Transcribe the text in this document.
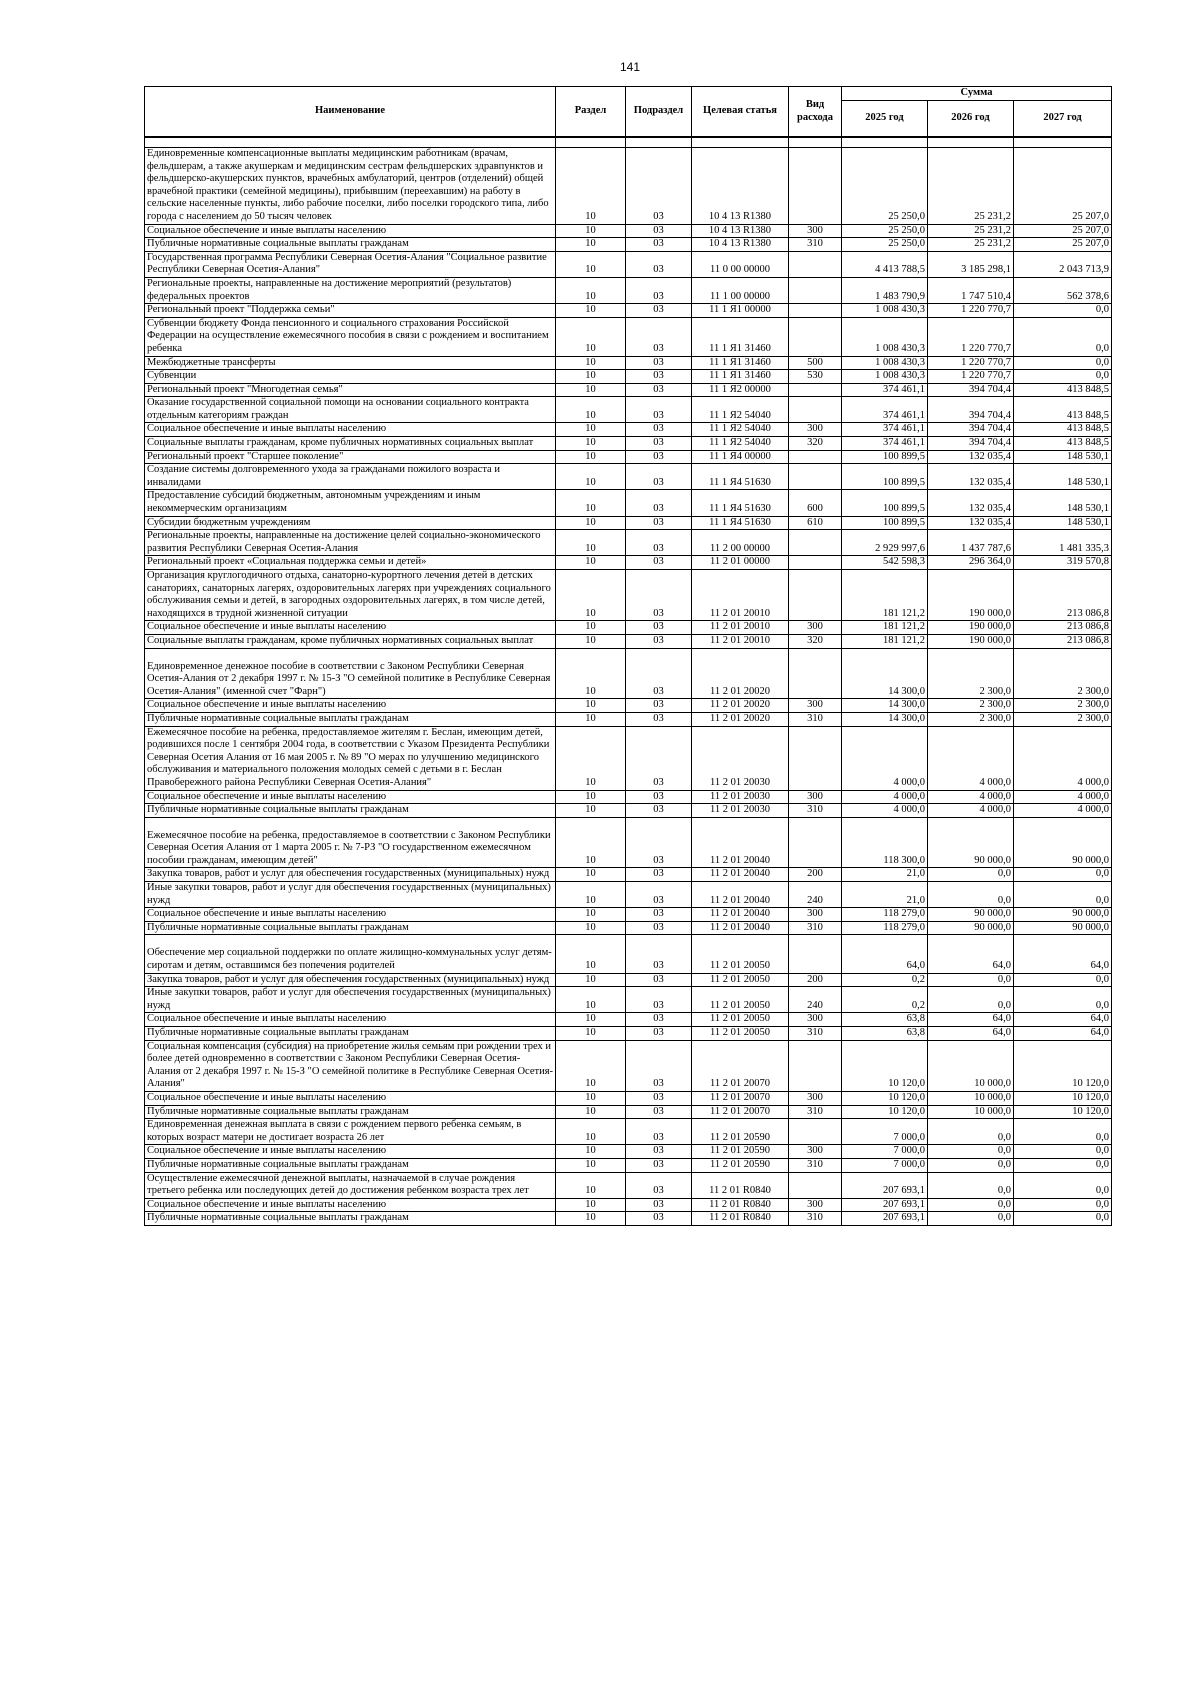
141
Наименование	Раздел	Подраздел	Целевая статья	Вид расхода	Сумма		
					2025 год	2026 год	2027 год

Единовременные компенсационные выплаты медицинским работникам (врачам, фельдшерам, а также акушеркам и медицинским сестрам фельдшерских здравпунктов и фельдшерско-акушерских пунктов, врачебных амбулаторий, центров (отделений) общей врачебной практики (семейной медицины), прибывшим (переехавшим) на работу в сельские населенные пункты, либо рабочие поселки, либо поселки городского типа, либо города с населением до 50 тысяч человек	10	03	10 4 13 R1380		25 250,0	25 231,2	25 207,0
Социальное обеспечение и иные выплаты населению	10	03	10 4 13 R1380	300	25 250,0	25 231,2	25 207,0
Публичные нормативные социальные выплаты гражданам	10	03	10 4 13 R1380	310	25 250,0	25 231,2	25 207,0
Государственная программа Республики Северная Осетия-Алания "Социальное развитие Республики Северная Осетия-Алания"	10	03	11 0 00 00000		4 413 788,5	3 185 298,1	2 043 713,9
Региональные проекты, направленные на достижение мероприятий (результатов) федеральных проектов	10	03	11 1 00 00000		1 483 790,9	1 747 510,4	562 378,6
Региональный проект "Поддержка семьи"	10	03	11 1 Я1 00000		1 008 430,3	1 220 770,7	0,0
Субвенции бюджету Фонда пенсионного и социального страхования Российской Федерации на осуществление ежемесячного пособия в связи с рождением и воспитанием ребенка	10	03	11 1 Я1 31460		1 008 430,3	1 220 770,7	0,0
Межбюджетные трансферты	10	03	11 1 Я1 31460	500	1 008 430,3	1 220 770,7	0,0
Субвенции	10	03	11 1 Я1 31460	530	1 008 430,3	1 220 770,7	0,0
Региональный проект "Многодетная семья"	10	03	11 1 Я2 00000		374 461,1	394 704,4	413 848,5
Оказание государственной социальной помощи на основании социального контракта отдельным категориям граждан	10	03	11 1 Я2 54040		374 461,1	394 704,4	413 848,5
Социальное обеспечение и иные выплаты населению	10	03	11 1 Я2 54040	300	374 461,1	394 704,4	413 848,5
Социальные выплаты гражданам, кроме публичных нормативных социальных выплат	10	03	11 1 Я2 54040	320	374 461,1	394 704,4	413 848,5
Региональный проект "Старшее поколение"	10	03	11 1 Я4 00000		100 899,5	132 035,4	148 530,1
Создание системы долговременного ухода за гражданами пожилого возраста и инвалидами	10	03	11 1 Я4 51630		100 899,5	132 035,4	148 530,1
Предоставление субсидий бюджетным, автономным учреждениям и иным некоммерческим организациям	10	03	11 1 Я4 51630	600	100 899,5	132 035,4	148 530,1
Субсидии бюджетным учреждениям	10	03	11 1 Я4 51630	610	100 899,5	132 035,4	148 530,1
Региональные проекты, направленные на достижение целей социально-экономического развития Республики Северная Осетия-Алания	10	03	11 2 00 00000		2 929 997,6	1 437 787,6	1 481 335,3
Региональный проект «Социальная поддержка семьи и детей»	10	03	11 2 01 00000		542 598,3	296 364,0	319 570,8
Организация круглогодичного отдыха, санаторно-курортного лечения детей в детских санаториях, санаторных лагерях, оздоровительных лагерях при учреждениях социального обслуживания семьи и детей, в загородных оздоровительных лагерях, в том числе детей, находящихся в трудной жизненной ситуации	10	03	11 2 01 20010		181 121,2	190 000,0	213 086,8
Социальное обеспечение и иные выплаты населению	10	03	11 2 01 20010	300	181 121,2	190 000,0	213 086,8
Социальные выплаты гражданам, кроме публичных нормативных социальных выплат	10	03	11 2 01 20010	320	181 121,2	190 000,0	213 086,8
Единовременное денежное пособие в соответствии с Законом Республики Северная Осетия-Алания от 2 декабря 1997 г. № 15-З "О семейной политике в Республике Северная Осетия-Алания" (именной счет "Фарн")	10	03	11 2 01 20020		14 300,0	2 300,0	2 300,0
Социальное обеспечение и иные выплаты населению	10	03	11 2 01 20020	300	14 300,0	2 300,0	2 300,0
Публичные нормативные социальные выплаты гражданам	10	03	11 2 01 20020	310	14 300,0	2 300,0	2 300,0
Ежемесячное пособие на ребенка, предоставляемое жителям г. Беслан, имеющим детей, родившихся после 1 сентября 2004 года, в соответствии с Указом Президента Республики Северная Осетия Алания от 16 мая 2005 г. № 89 "О мерах по улучшению медицинского обслуживания и материального положения молодых семей с детьми в г. Беслан Правобережного района Республики Северная Осетия-Алания"	10	03	11 2 01 20030		4 000,0	4 000,0	4 000,0
Социальное обеспечение и иные выплаты населению	10	03	11 2 01 20030	300	4 000,0	4 000,0	4 000,0
Публичные нормативные социальные выплаты гражданам	10	03	11 2 01 20030	310	4 000,0	4 000,0	4 000,0
Ежемесячное пособие на ребенка, предоставляемое в соответствии с Законом Республики Северная Осетия Алания от 1 марта 2005 г. № 7-РЗ "О государственном ежемесячном пособии гражданам, имеющим детей"	10	03	11 2 01 20040		118 300,0	90 000,0	90 000,0
Закупка товаров, работ и услуг для обеспечения государственных (муниципальных) нужд	10	03	11 2 01 20040	200	21,0	0,0	0,0
Иные закупки товаров, работ и услуг для обеспечения государственных (муниципальных) нужд	10	03	11 2 01 20040	240	21,0	0,0	0,0
Социальное обеспечение и иные выплаты населению	10	03	11 2 01 20040	300	118 279,0	90 000,0	90 000,0
Публичные нормативные социальные выплаты гражданам	10	03	11 2 01 20040	310	118 279,0	90 000,0	90 000,0
Обеспечение мер социальной поддержки по оплате жилищно-коммунальных услуг детям-сиротам и детям, оставшимся без попечения родителей	10	03	11 2 01 20050		64,0	64,0	64,0
Закупка товаров, работ и услуг для обеспечения государственных (муниципальных) нужд	10	03	11 2 01 20050	200	0,2	0,0	0,0
Иные закупки товаров, работ и услуг для обеспечения государственных (муниципальных) нужд	10	03	11 2 01 20050	240	0,2	0,0	0,0
Социальное обеспечение и иные выплаты населению	10	03	11 2 01 20050	300	63,8	64,0	64,0
Публичные нормативные социальные выплаты гражданам	10	03	11 2 01 20050	310	63,8	64,0	64,0
Социальная компенсация (субсидия) на приобретение жилья семьям при рождении трех и более детей одновременно в соответствии с Законом Республики Северная Осетия-Алания от 2 декабря 1997 г. № 15-З "О семейной политике в Республике Северная Осетия-Алания"	10	03	11 2 01 20070		10 120,0	10 000,0	10 120,0
Социальное обеспечение и иные выплаты населению	10	03	11 2 01 20070	300	10 120,0	10 000,0	10 120,0
Публичные нормативные социальные выплаты гражданам	10	03	11 2 01 20070	310	10 120,0	10 000,0	10 120,0
Единовременная денежная выплата в связи с рождением первого ребенка семьям, в которых возраст матери не достигает возраста 26 лет	10	03	11 2 01 20590		7 000,0	0,0	0,0
Социальное обеспечение и иные выплаты населению	10	03	11 2 01 20590	300	7 000,0	0,0	0,0
Публичные нормативные социальные выплаты гражданам	10	03	11 2 01 20590	310	7 000,0	0,0	0,0
Осуществление ежемесячной денежной выплаты, назначаемой в случае рождения третьего ребенка или последующих детей до достижения ребенком возраста трех лет	10	03	11 2 01 R0840		207 693,1	0,0	0,0
Социальное обеспечение и иные выплаты населению	10	03	11 2 01 R0840	300	207 693,1	0,0	0,0
Публичные нормативные социальные выплаты гражданам	10	03	11 2 01 R0840	310	207 693,1	0,0	0,0
